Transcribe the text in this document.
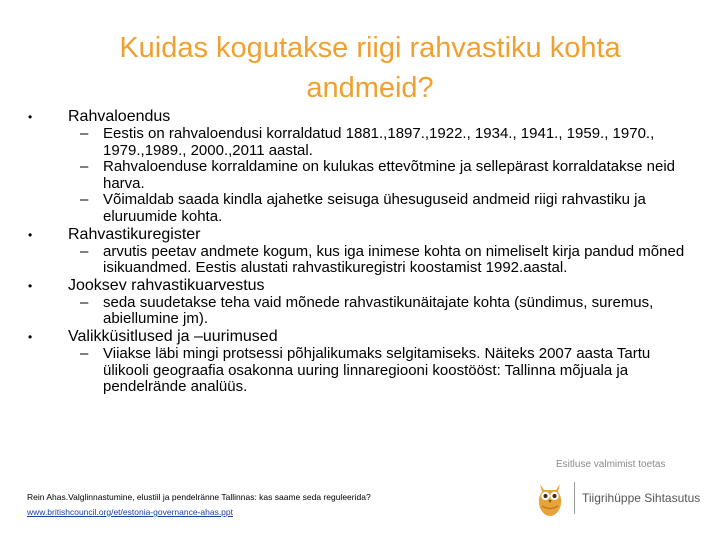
Kuidas kogutakse riigi rahvastiku kohta
andmeid?
• Rahvaloendus
– Eestis on rahvaloendusi korraldatud 1881.,1897.,1922., 1934., 1941., 1959., 1970., 1979.,1989., 2000.,2011 aastal.
– Rahvaloenduse korraldamine on kulukas ettevõtmine ja sellepärast korraldatakse neid harva.
– Võimaldab saada kindla ajahetke seisuga ühesuguseid andmeid riigi rahvastiku ja eluruumide kohta.
• Rahvastikuregister
– arvutis peetav andmete kogum, kus iga inimese kohta on nimeliselt kirja pandud mõned isikuandmed. Eestis alustati rahvastikuregistri koostamist 1992.aastal.
• Jooksev rahvastikuarvestus
– seda suudetakse teha vaid mõnede rahvastikunäitajate kohta (sündimus, suremus, abiellumine jm).
• Valikküsitlused ja –uurimused
– Viiakse läbi mingi protsessi põhjalikumaks selgitamiseks. Näiteks 2007 aasta Tartu ülikooli geograafia osakonna uuring linnaregiooni koostööst: Tallinna mõjuala ja pendelrände analüüs.
Rein Ahas.Valglinnastumine, elustiil ja pendelränne Tallinnas: kas saame seda reguleerida?
www.britishcouncil.org/et/estonia-governance-ahas.ppt
Esitluse valmimist toetas
Tiigrihüppe Sihtasutus
